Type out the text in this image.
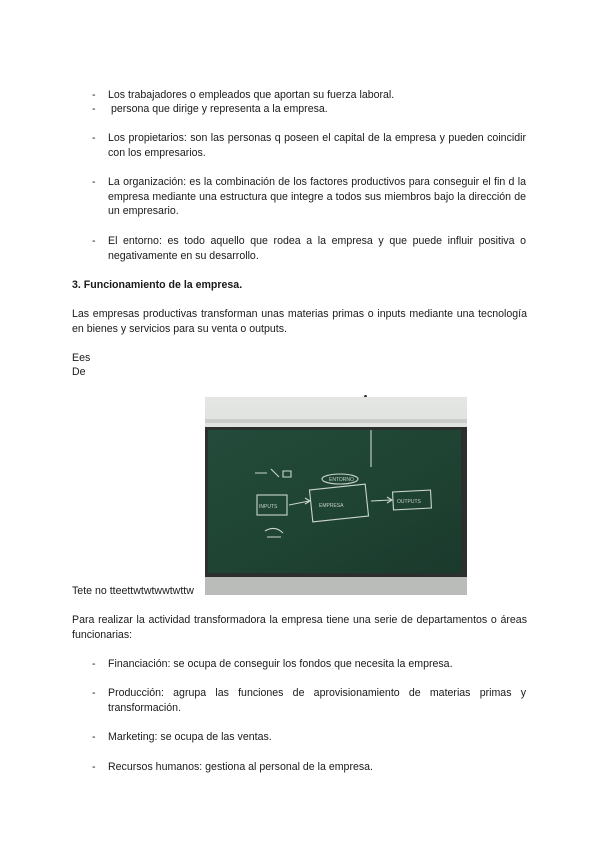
- Los trabajadores o empleados que aportan su fuerza laboral.
- persona que dirige y representa a la empresa.
- Los propietarios: son las personas q poseen el capital de la empresa y pueden coincidir con los empresarios.
- La organización: es la combinación de los factores productivos para conseguir el fin d la empresa mediante una estructura que integre a todos sus miembros bajo la dirección de un empresario.
- El entorno: es todo aquello que rodea a la empresa y que puede influir positiva o negativamente en su desarrollo.
3. Funcionamiento de la empresa.
Las empresas productivas transforman unas materias primas o inputs mediante una tecnología en bienes y servicios para su venta o outputs.
Ees
De
INPUTS	EMPRESA
OUTPUTS
ENTORNO
Tete no tteettwtwtwwtwttw
Para realizar la actividad transformadora la empresa tiene una serie de departamentos o áreas funcionarias:
- Financiación: se ocupa de conseguir los fondos que necesita la empresa.
- Producción: agrupa las funciones de aprovisionamiento de materias primas y transformación.
- Marketing: se ocupa de las ventas.
- Recursos humanos: gestiona al personal de la empresa.
